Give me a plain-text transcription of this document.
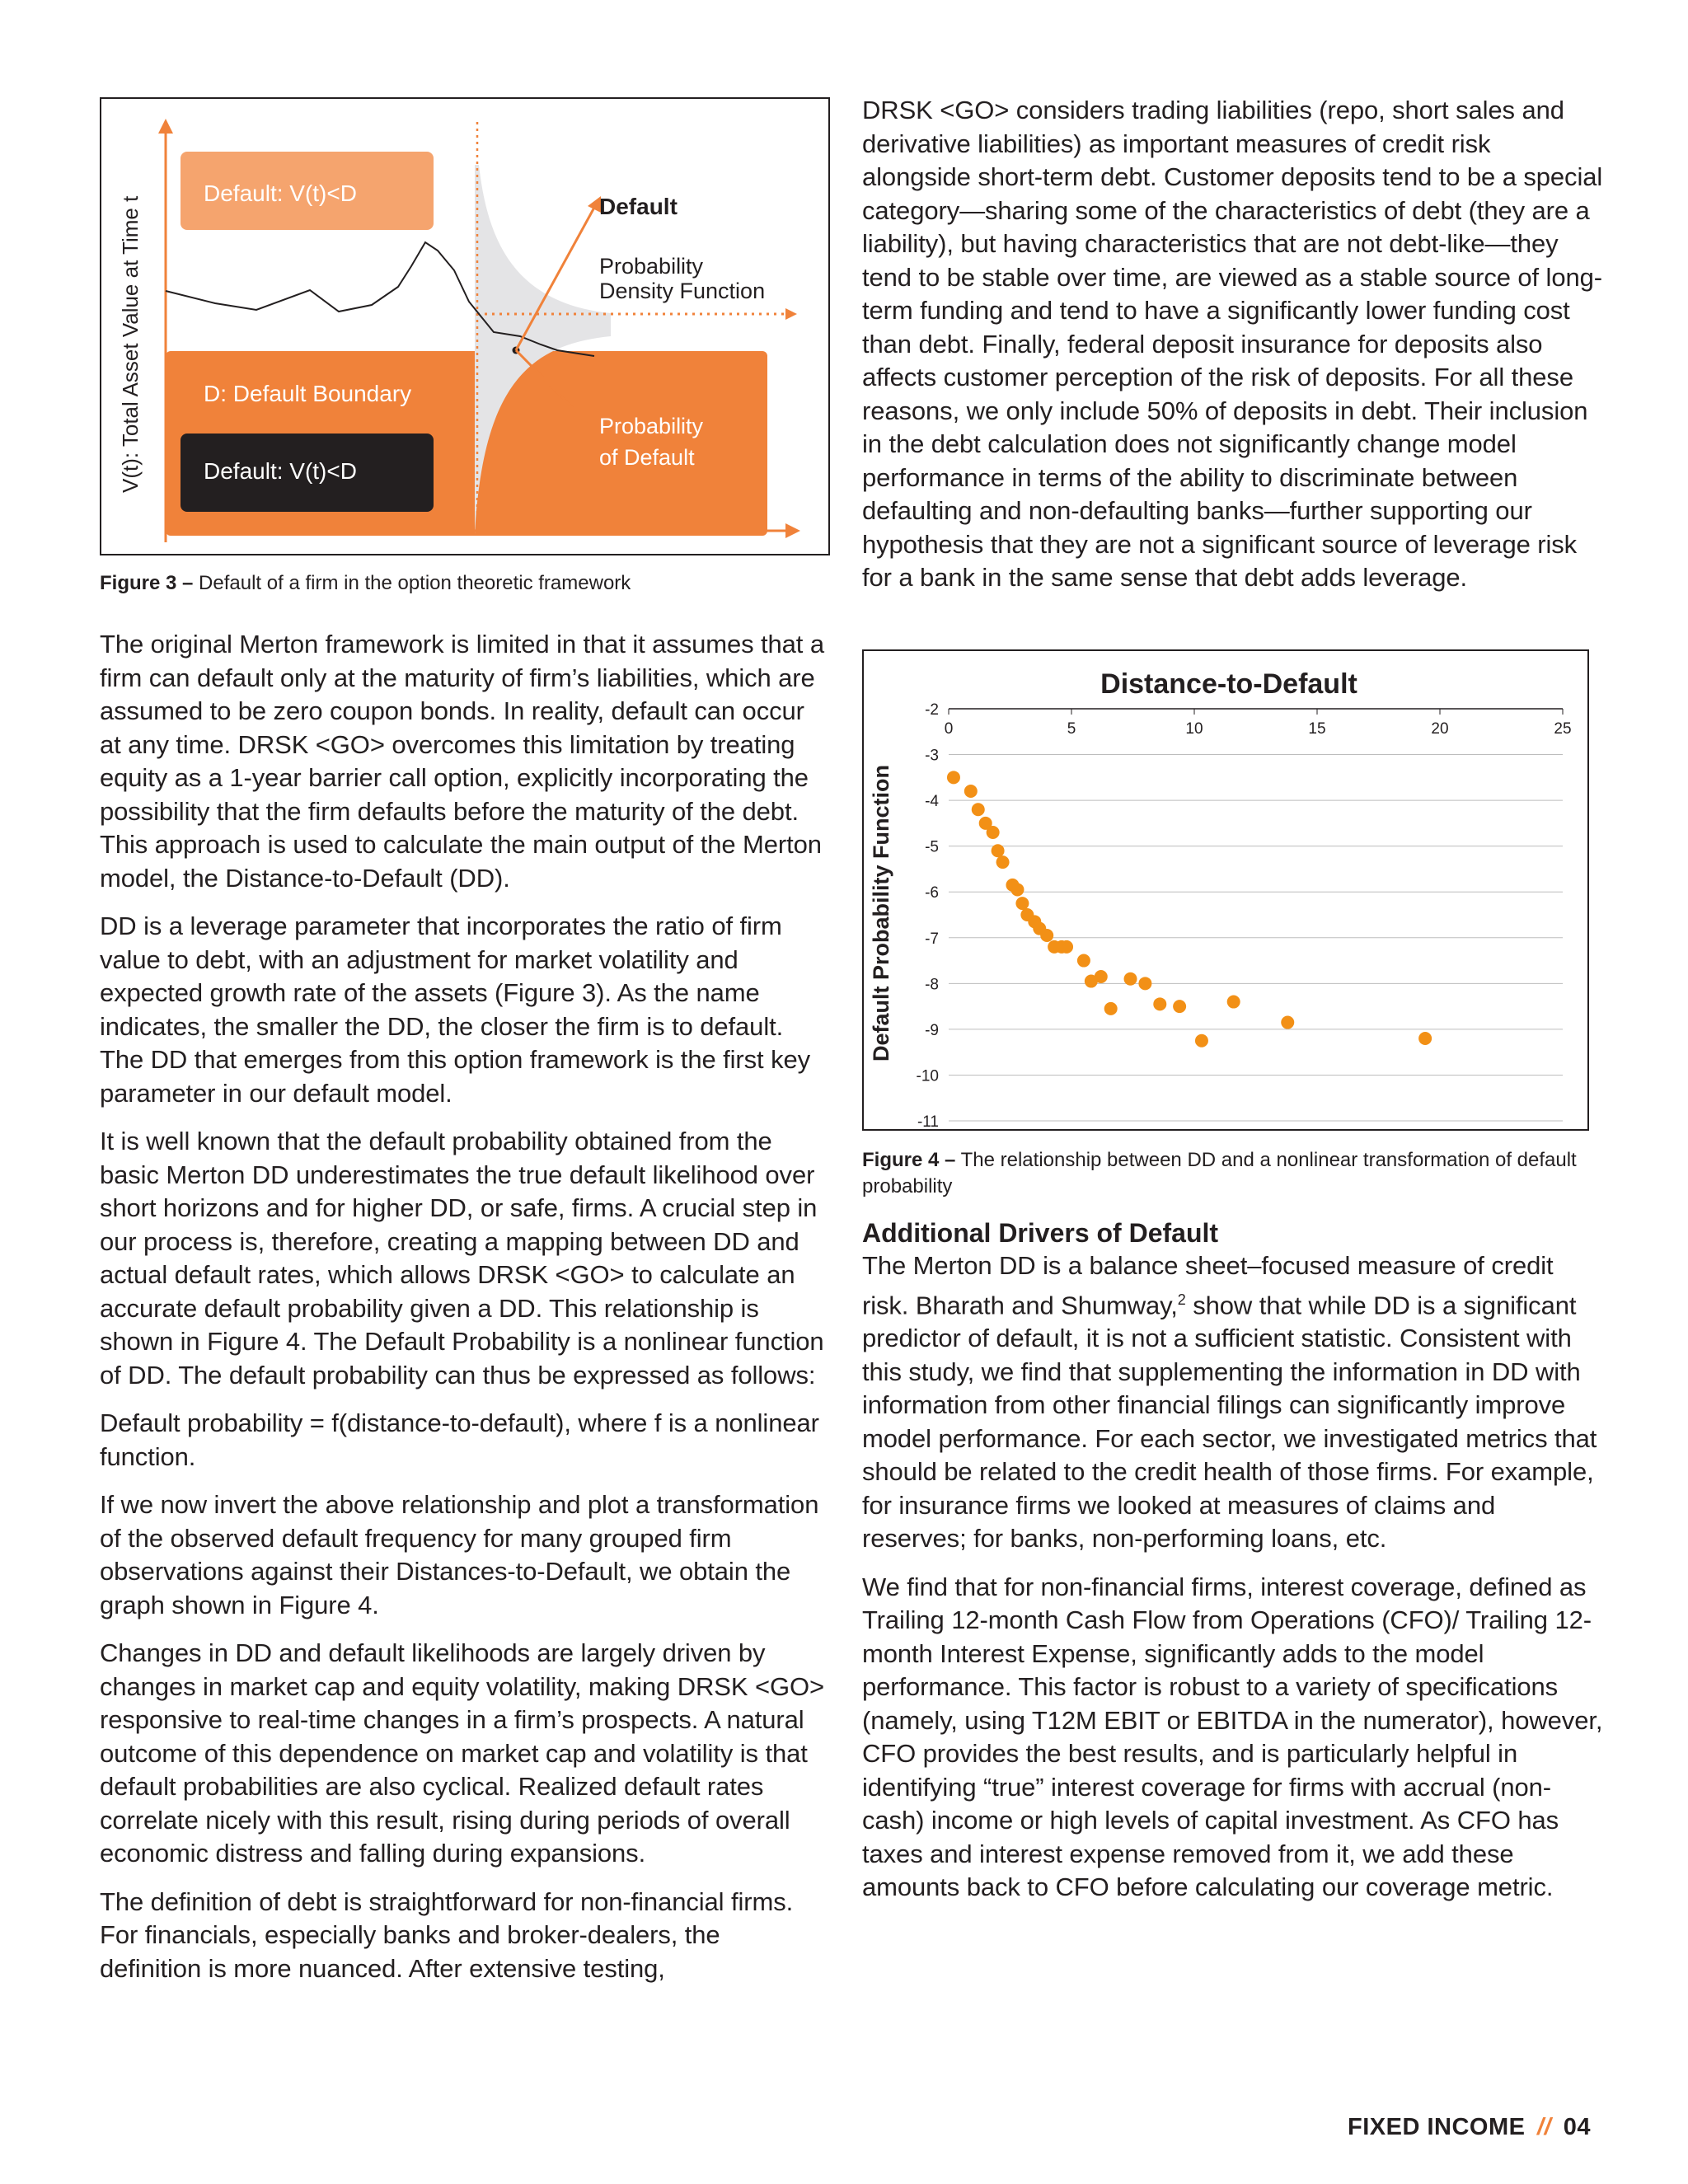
Default: V(t)<D
D: Default Boundary
Default: V(t)<D
Default
Probability
Density Function
Probability
of Default
V(t): Total Asset Value at Time t
Figure 3 – Default of a firm in the option theoretic framework

The original Merton framework is limited in that it assumes that a firm can default only at the maturity of firm’s liabilities, which are assumed to be zero coupon bonds. In reality, default can occur at any time. DRSK <GO> overcomes this limitation by treating equity as a 1-year barrier call option, explicitly incorporating the possibility that the firm defaults before the maturity of the debt. This approach is used to calculate the main output of the Merton model, the Distance-to-Default (DD).

DD is a leverage parameter that incorporates the ratio of firm value to debt, with an adjustment for market volatility and expected growth rate of the assets (Figure 3). As the name indicates, the smaller the DD, the closer the firm is to default. The DD that emerges from this option framework is the first key parameter in our default model.

It is well known that the default probability obtained from the basic Merton DD underestimates the true default likelihood over short horizons and for higher DD, or safe, firms. A crucial step in our process is, therefore, creating a mapping between DD and actual default rates, which allows DRSK <GO> to calculate an accurate default probability given a DD. This relationship is shown in Figure 4. The Default Probability is a nonlinear function of DD. The default probability can thus be expressed as follows:

Default probability = f(distance-to-default), where f is a nonlinear function.

If we now invert the above relationship and plot a transformation of the observed default frequency for many grouped firm observations against their Distances-to-Default, we obtain the graph shown in Figure 4.

Changes in DD and default likelihoods are largely driven by changes in market cap and equity volatility, making DRSK <GO> responsive to real-time changes in a firm’s prospects. A natural outcome of this dependence on market cap and volatility is that default probabilities are also cyclical. Realized default rates correlate nicely with this result, rising during periods of overall economic distress and falling during expansions.

The definition of debt is straightforward for non-financial firms. For financials, especially banks and broker-dealers, the definition is more nuanced. After extensive testing,

DRSK <GO> considers trading liabilities (repo, short sales and derivative liabilities) as important measures of credit risk alongside short-term debt. Customer deposits tend to be a special category—sharing some of the characteristics of debt (they are a liability), but having characteristics that are not debt-like—they tend to be stable over time, are viewed as a stable source of long-term funding and tend to have a significantly lower funding cost than debt. Finally, federal deposit insurance for deposits also affects customer perception of the risk of deposits. For all these reasons, we only include 50% of deposits in debt. Their inclusion in the debt calculation does not significantly change model performance in terms of the ability to discriminate between defaulting and non-defaulting banks—further supporting our hypothesis that they are not a significant source of leverage risk for a bank in the same sense that debt adds leverage.

Distance-to-Default
Default Probability Function
-2
-3
-4
-5
-6
-7
-8
-9
-10
-11
0	5	10	15	20	25
Figure 4 – The relationship between DD and a nonlinear transformation of default probability
Additional Drivers of Default

The Merton DD is a balance sheet–focused measure of credit risk. Bharath and Shumway,$^2$ show that while DD is a significant predictor of default, it is not a sufficient statistic. Consistent with this study, we find that supplementing the information in DD with information from other financial filings can significantly improve model performance. For each sector, we investigated metrics that should be related to the credit health of those firms. For example, for insurance firms we looked at measures of claims and reserves; for banks, non-performing loans, etc.

We find that for non-financial firms, interest coverage, defined as Trailing 12-month Cash Flow from Operations (CFO)/ Trailing 12-month Interest Expense, significantly adds to the model performance. This factor is robust to a variety of specifications (namely, using T12M EBIT or EBITDA in the numerator), however, CFO provides the best results, and is particularly helpful in identifying “true” interest coverage for firms with accrual (non-cash) income or high levels of capital investment. As CFO has taxes and interest expense removed from it, we add these amounts back to CFO before calculating our coverage metric.

FIXED INCOME // 04
